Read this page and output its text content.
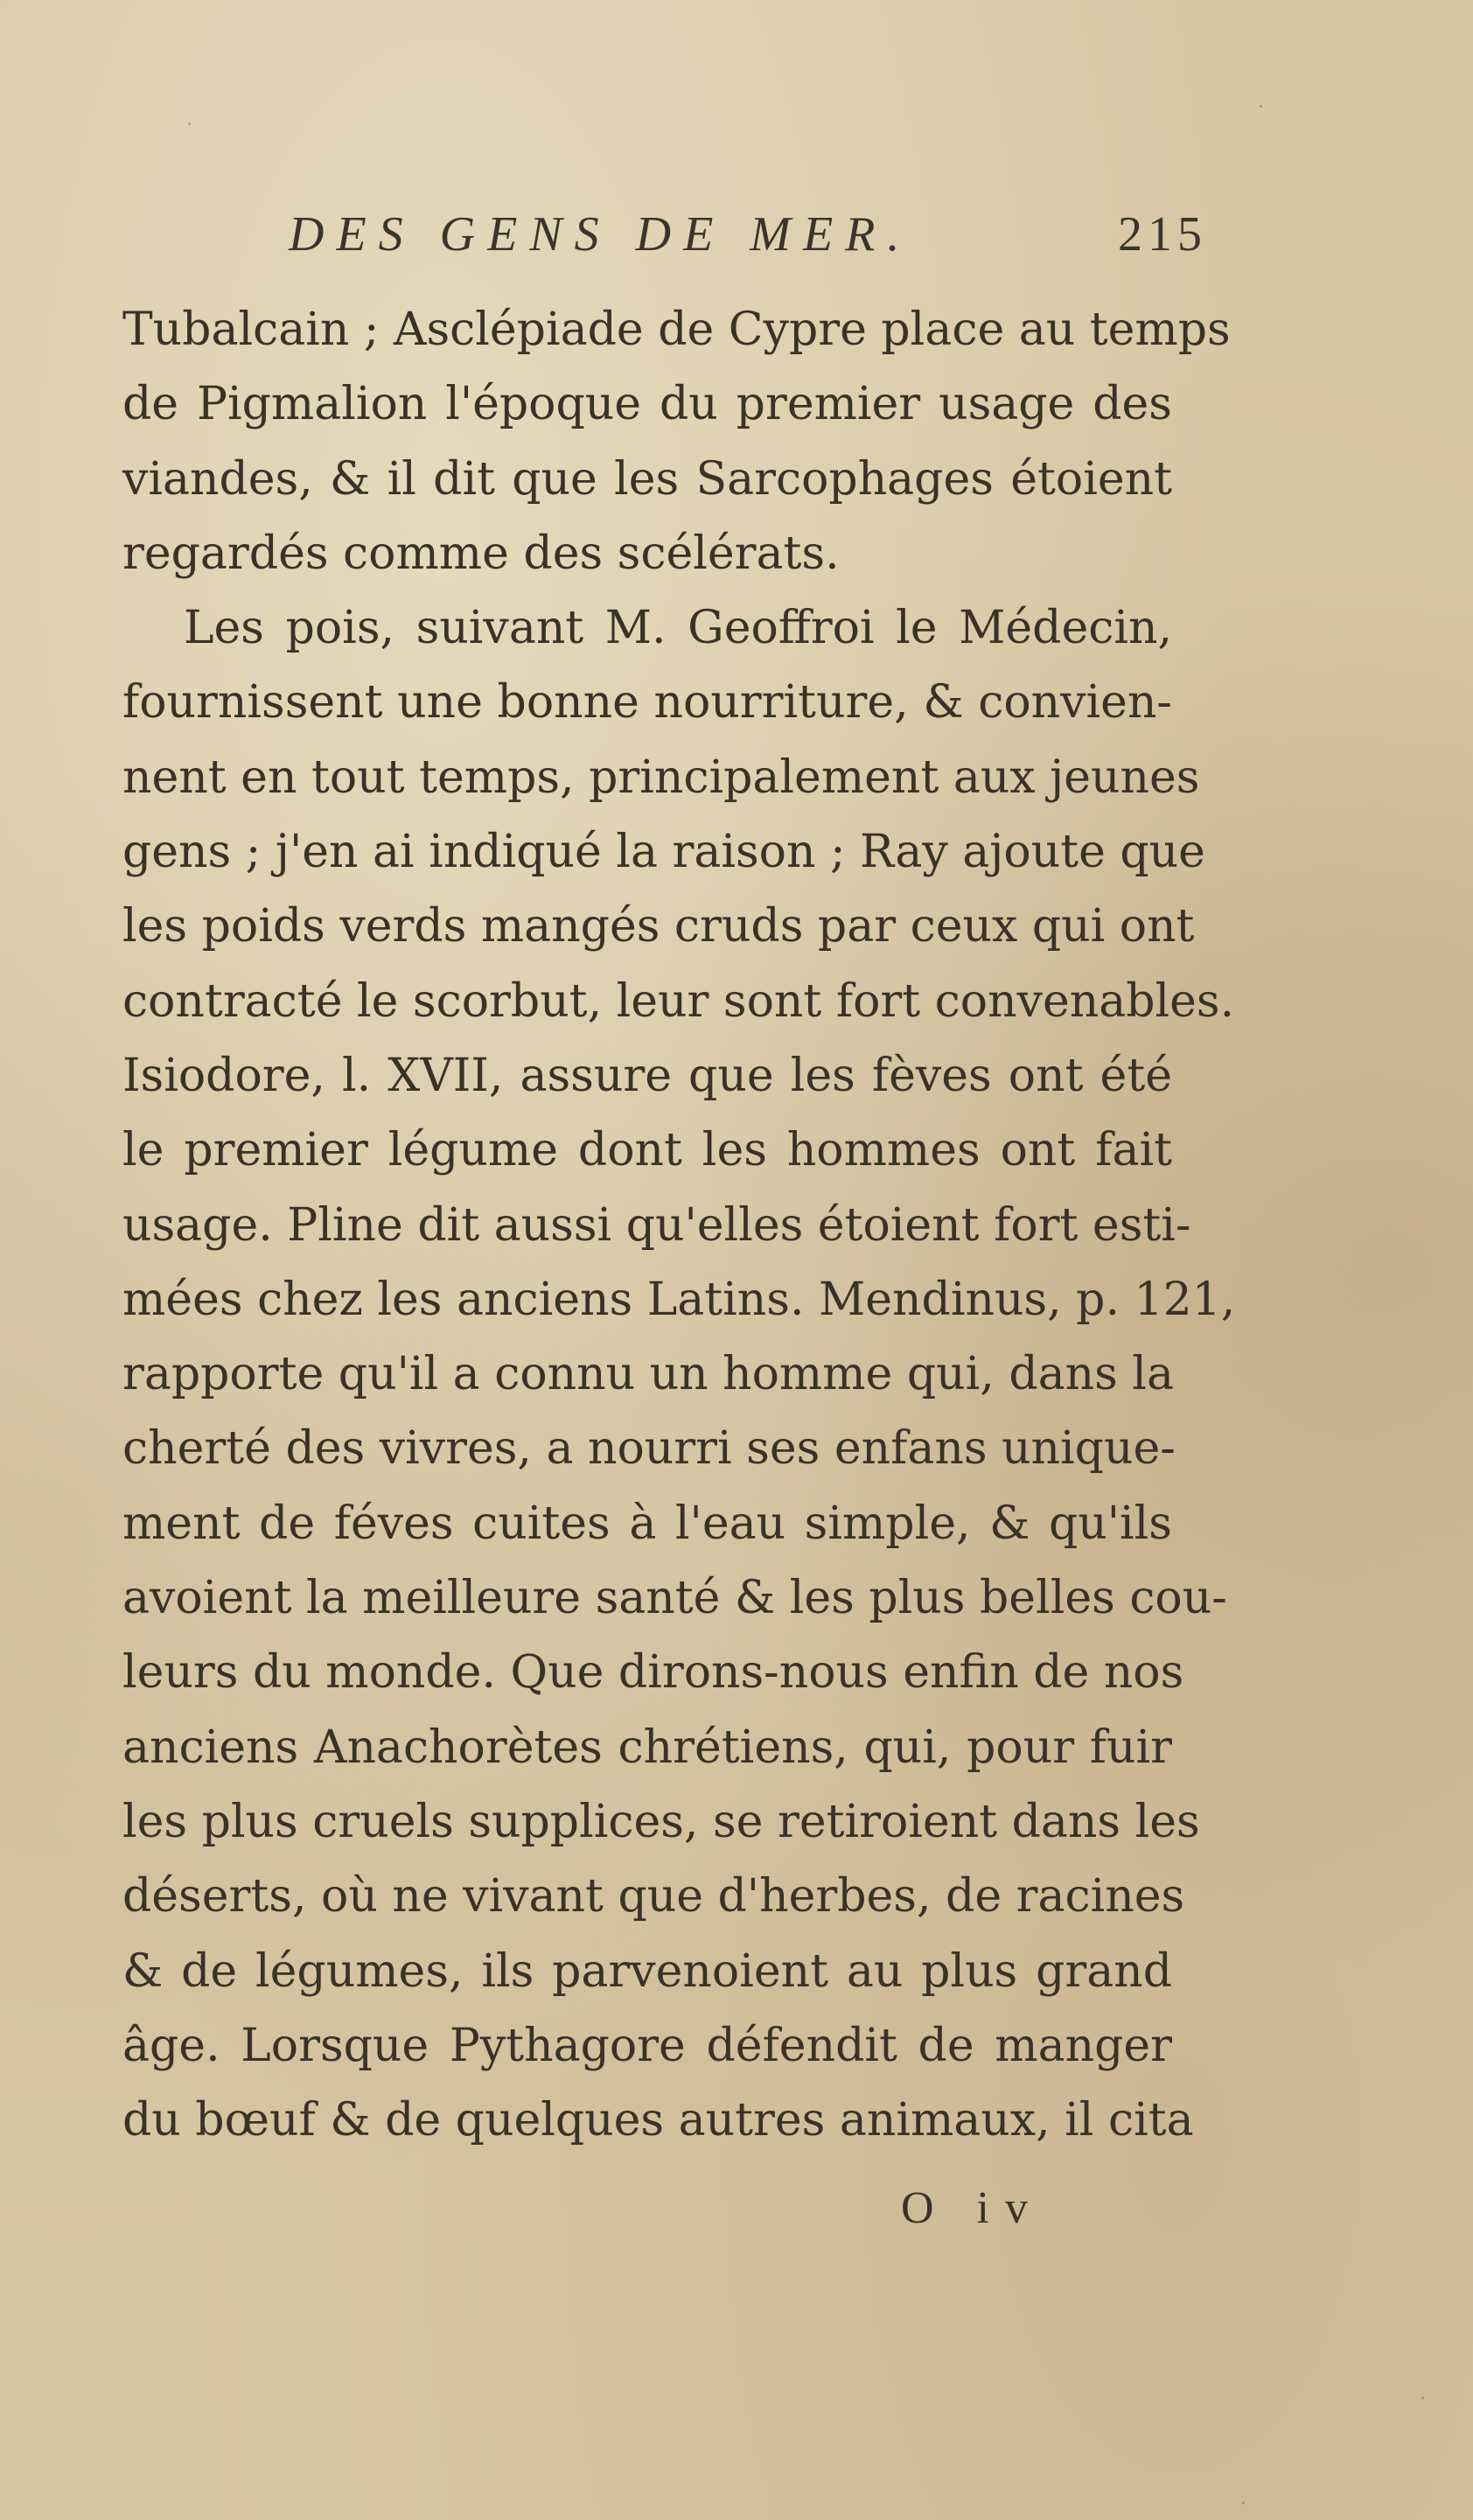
DES GENS DE MER.	215
Tubalcain ; Asclépiade de Cypre place au temps
de Pigmalion l'époque du premier usage des
viandes, & il dit que les Sarcophages étoient
regardés comme des scélérats.
Les pois, suivant M. Geoffroi le Médecin,
fournissent une bonne nourriture, & convien-
nent en tout temps, principalement aux jeunes
gens ; j'en ai indiqué la raison ; Ray ajoute que
les poids verds mangés cruds par ceux qui ont
contracté le scorbut, leur sont fort convenables.
Isiodore, l. XVII, assure que les fèves ont été
le premier légume dont les hommes ont fait
usage. Pline dit aussi qu'elles étoient fort esti-
mées chez les anciens Latins. Mendinus, p. 121,
rapporte qu'il a connu un homme qui, dans la
cherté des vivres, a nourri ses enfans unique-
ment de féves cuites à l'eau simple, & qu'ils
avoient la meilleure santé & les plus belles cou-
leurs du monde. Que dirons-nous enfin de nos
anciens Anachorètes chrétiens, qui, pour fuir
les plus cruels supplices, se retiroient dans les
déserts, où ne vivant que d'herbes, de racines
& de légumes, ils parvenoient au plus grand
âge. Lorsque Pythagore défendit de manger
du bœuf & de quelques autres animaux, il cita
O iv
